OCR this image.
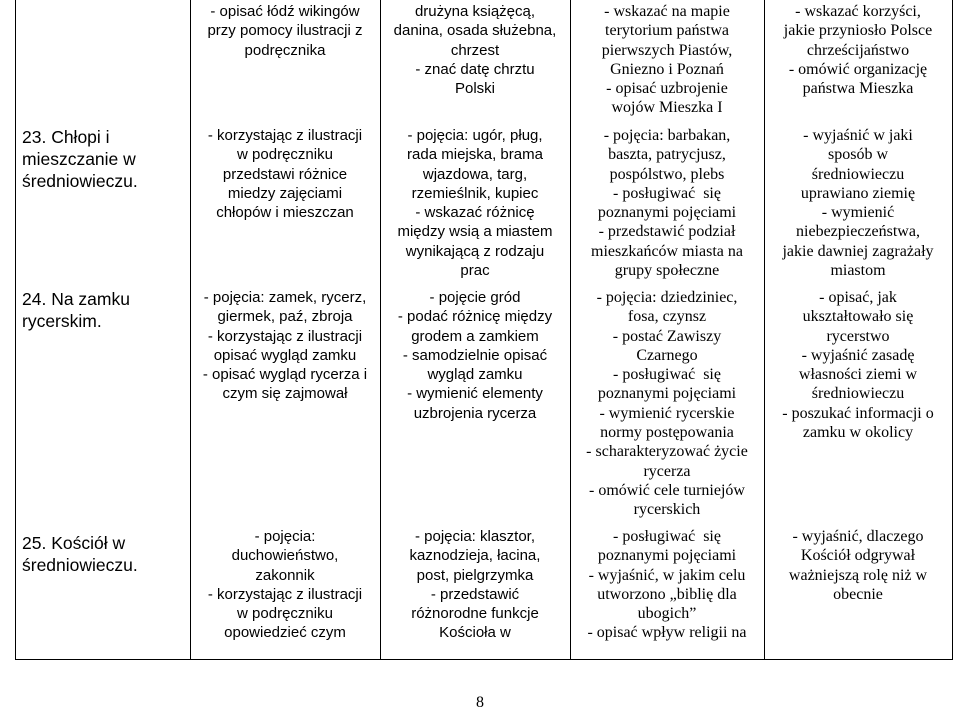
- opisać łódź wikingów
przy pomocy ilustracji z
podręcznika
drużyna książęcą,
danina, osada służebna,
chrzest
- znać datę chrztu
Polski
- wskazać na mapie
terytorium państwa
pierwszych Piastów,
Gniezno i Poznań
- opisać uzbrojenie
wojów Mieszka I
- wskazać korzyści,
jakie przyniosło Polsce
chrześcijaństwo
- omówić organizację
państwa Mieszka
23. Chłopi i
mieszczanie w
średniowieczu.
- korzystając z ilustracji
w podręczniku
przedstawi różnice
miedzy zajęciami
chłopów i mieszczan
- pojęcia: ugór, pług,
rada miejska, brama
wjazdowa, targ,
rzemieślnik, kupiec
- wskazać różnicę
między wsią a miastem
wynikającą z rodzaju
prac
- pojęcia: barbakan,
baszta, patrycjusz,
pospólstwo, plebs
- posługiwać  się
poznanymi pojęciami
- przedstawić podział
mieszkańców miasta na
grupy społeczne
- wyjaśnić w jaki
sposób w
średniowieczu
uprawiano ziemię
- wymienić
niebezpieczeństwa,
jakie dawniej zagrażały
miastom
24. Na zamku
rycerskim.
- pojęcia: zamek, rycerz,
giermek, paź, zbroja
- korzystając z ilustracji
opisać wygląd zamku
- opisać wygląd rycerza i
czym się zajmował
- pojęcie gród
- podać różnicę między
grodem a zamkiem
- samodzielnie opisać
wygląd zamku
- wymienić elementy
uzbrojenia rycerza
- pojęcia: dziedziniec,
fosa, czynsz
- postać Zawiszy
Czarnego
- posługiwać  się
poznanymi pojęciami
- wymienić rycerskie
normy postępowania
- scharakteryzować życie
rycerza
- omówić cele turniejów
rycerskich
- opisać, jak
ukształtowało się
rycerstwo
- wyjaśnić zasadę
własności ziemi w
średniowieczu
- poszukać informacji o
zamku w okolicy
25. Kościół w
średniowieczu.
- pojęcia:
duchowieństwo,
zakonnik
- korzystając z ilustracji
w podręczniku
opowiedzieć czym
- pojęcia: klasztor,
kaznodzieja, łacina,
post, pielgrzymka
- przedstawić
różnorodne funkcje
Kościoła w
- posługiwać  się
poznanymi pojęciami
- wyjaśnić, w jakim celu
utworzono „biblię dla
ubogich”
- opisać wpływ religii na
- wyjaśnić, dlaczego
Kościół odgrywał
ważniejszą rolę niż w
obecnie
8
